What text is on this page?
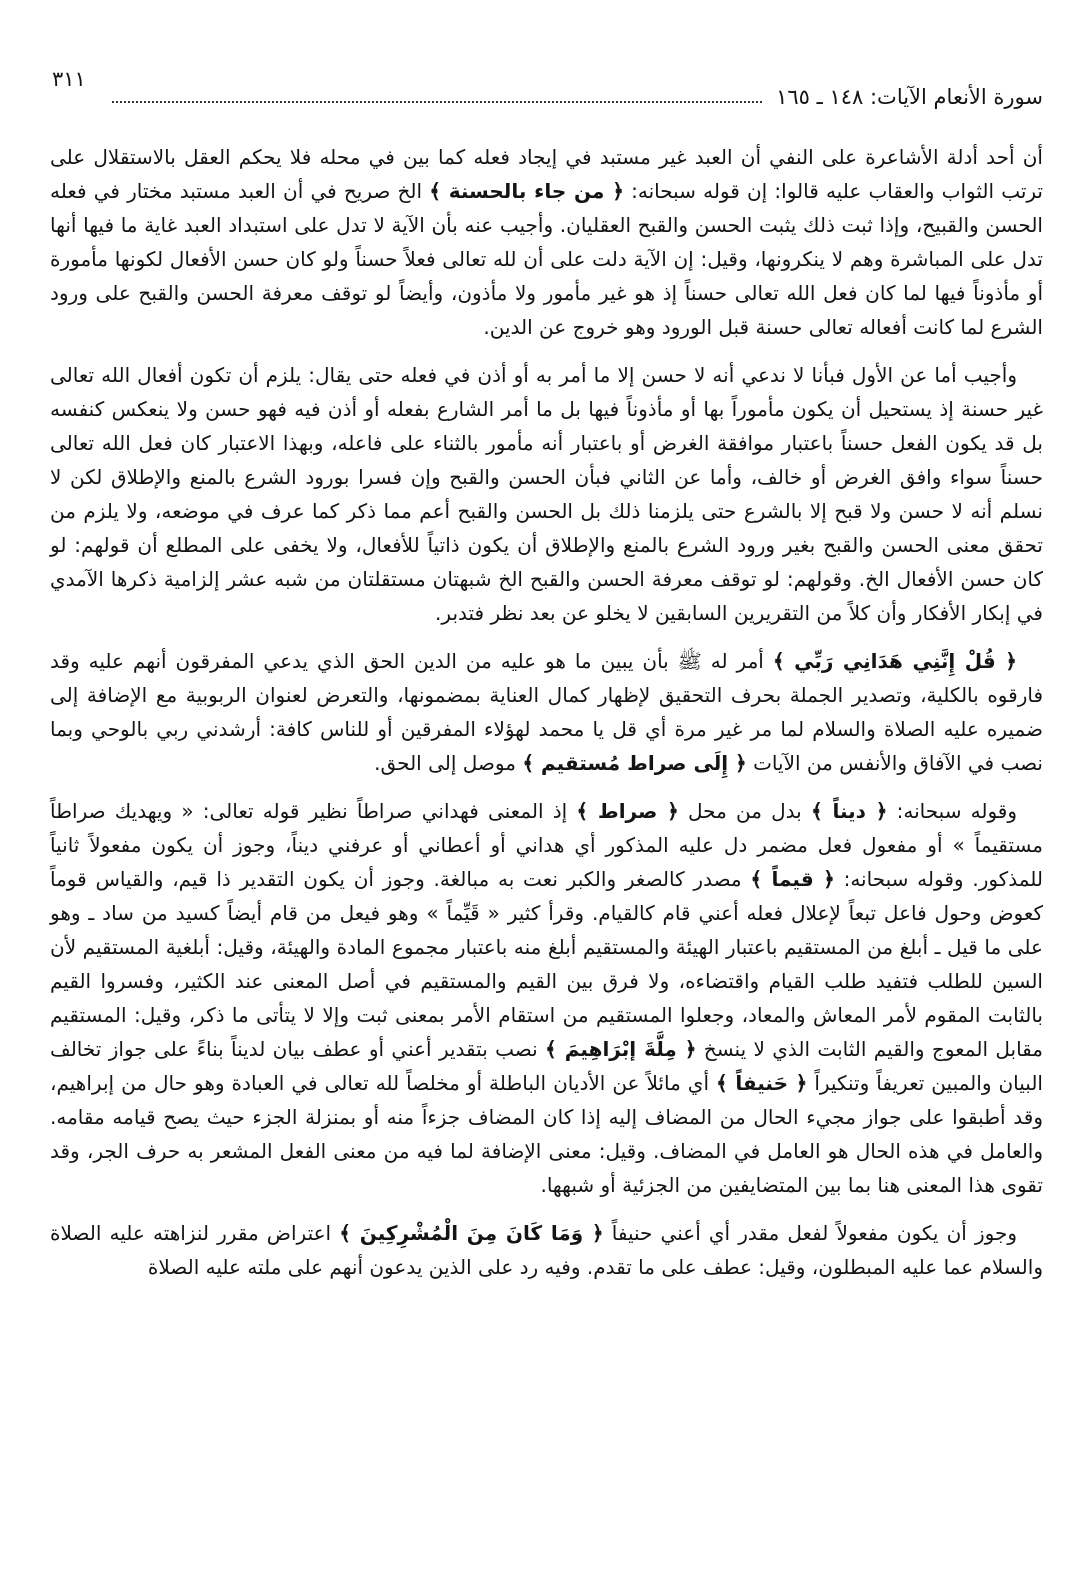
سورة الأنعام الآيات: ١٤٨ ـ ١٦٥
٣١١

أن أحد أدلة الأشاعرة على النفي أن العبد غير مستبد في إيجاد فعله كما بين في محله فلا يحكم العقل بالاستقلال على ترتب الثواب والعقاب عليه قالوا: إن قوله سبحانه: ﴿ من جاء بالحسنة ﴾ الخ صريح في أن العبد مستبد مختار في فعله الحسن والقبيح، وإذا ثبت ذلك يثبت الحسن والقبح العقليان. وأجيب عنه بأن الآية لا تدل على استبداد العبد غاية ما فيها أنها تدل على المباشرة وهم لا ينكرونها، وقيل: إن الآية دلت على أن لله تعالى فعلاً حسناً ولو كان حسن الأفعال لكونها مأمورة أو مأذوناً فيها لما كان فعل الله تعالى حسناً إذ هو غير مأمور ولا مأذون، وأيضاً لو توقف معرفة الحسن والقبح على ورود الشرع لما كانت أفعاله تعالى حسنة قبل الورود وهو خروج عن الدين.

وأجيب أما عن الأول فبأنا لا ندعي أنه لا حسن إلا ما أمر به أو أذن في فعله حتى يقال: يلزم أن تكون أفعال الله تعالى غير حسنة إذ يستحيل أن يكون مأموراً بها أو مأذوناً فيها بل ما أمر الشارع بفعله أو أذن فيه فهو حسن ولا ينعكس كنفسه بل قد يكون الفعل حسناً باعتبار موافقة الغرض أو باعتبار أنه مأمور بالثناء على فاعله، وبهذا الاعتبار كان فعل الله تعالى حسناً سواء وافق الغرض أو خالف، وأما عن الثاني فبأن الحسن والقبح وإن فسرا بورود الشرع بالمنع والإطلاق لكن لا نسلم أنه لا حسن ولا قبح إلا بالشرع حتى يلزمنا ذلك بل الحسن والقبح أعم مما ذكر كما عرف في موضعه، ولا يلزم من تحقق معنى الحسن والقبح بغير ورود الشرع بالمنع والإطلاق أن يكون ذاتياً للأفعال، ولا يخفى على المطلع أن قولهم: لو كان حسن الأفعال الخ. وقولهم: لو توقف معرفة الحسن والقبح الخ شبهتان مستقلتان من شبه عشر إلزامية ذكرها الآمدي في إبكار الأفكار وأن كلاً من التقريرين السابقين لا يخلو عن بعد نظر فتدبر.

﴿ قُلْ إِنَّنِي هَدَانِي رَبِّي ﴾ أمر له ﷺ بأن يبين ما هو عليه من الدين الحق الذي يدعي المفرقون أنهم عليه وقد فارقوه بالكلية، وتصدير الجملة بحرف التحقيق لإظهار كمال العناية بمضمونها، والتعرض لعنوان الربوبية مع الإضافة إلى ضميره عليه الصلاة والسلام لما مر غير مرة أي قل يا محمد لهؤلاء المفرقين أو للناس كافة: أرشدني ربي بالوحي وبما نصب في الآفاق والأنفس من الآيات ﴿ إِلَى صراط مُستقيم ﴾ موصل إلى الحق.

وقوله سبحانه: ﴿ ديناً ﴾ بدل من محل ﴿ صراط ﴾ إذ المعنى فهداني صراطاً نظير قوله تعالى: « ويهديك صراطاً مستقيماً » أو مفعول فعل مضمر دل عليه المذكور أي هداني أو أعطاني أو عرفني ديناً، وجوز أن يكون مفعولاً ثانياً للمذكور. وقوله سبحانه: ﴿ قيماً ﴾ مصدر كالصغر والكبر نعت به مبالغة. وجوز أن يكون التقدير ذا قيم، والقياس قوماً كعوض وحول فاعل تبعاً لإعلال فعله أعني قام كالقيام. وقرأ كثير « قَيِّماً » وهو فيعل من قام أيضاً كسيد من ساد ـ وهو على ما قيل ـ أبلغ من المستقيم باعتبار الهيئة والمستقيم أبلغ منه باعتبار مجموع المادة والهيئة، وقيل: أبلغية المستقيم لأن السين للطلب فتفيد طلب القيام واقتضاءه، ولا فرق بين القيم والمستقيم في أصل المعنى عند الكثير، وفسروا القيم بالثابت المقوم لأمر المعاش والمعاد، وجعلوا المستقيم من استقام الأمر بمعنى ثبت وإلا لا يتأتى ما ذكر، وقيل: المستقيم مقابل المعوج والقيم الثابت الذي لا ينسخ ﴿ مِلَّةَ إبْرَاهِيمَ ﴾ نصب بتقدير أعني أو عطف بيان لديناً بناءً على جواز تخالف البيان والمبين تعريفاً وتنكيراً ﴿ حَنيفاً ﴾ أي مائلاً عن الأديان الباطلة أو مخلصاً لله تعالى في العبادة وهو حال من إبراهيم، وقد أطبقوا على جواز مجيء الحال من المضاف إليه إذا كان المضاف جزءاً منه أو بمنزلة الجزء حيث يصح قيامه مقامه. والعامل في هذه الحال هو العامل في المضاف. وقيل: معنى الإضافة لما فيه من معنى الفعل المشعر به حرف الجر، وقد تقوى هذا المعنى هنا بما بين المتضايفين من الجزئية أو شبهها.

وجوز أن يكون مفعولاً لفعل مقدر أي أعني حنيفاً ﴿ وَمَا كَانَ مِنَ الْمُشْرِكِينَ ﴾ اعتراض مقرر لنزاهته عليه الصلاة والسلام عما عليه المبطلون، وقيل: عطف على ما تقدم. وفيه رد على الذين يدعون أنهم على ملته عليه الصلاة
